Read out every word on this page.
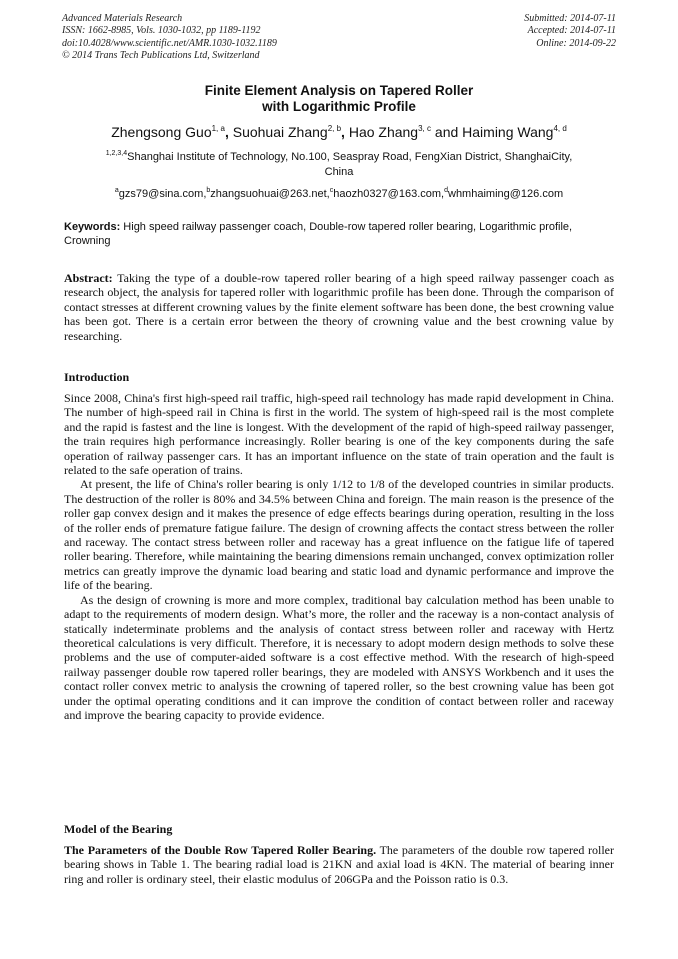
Advanced Materials Research
ISSN: 1662-8985, Vols. 1030-1032, pp 1189-1192
doi:10.4028/www.scientific.net/AMR.1030-1032.1189
© 2014 Trans Tech Publications Ltd, Switzerland
Submitted: 2014-07-11
Accepted: 2014-07-11
Online: 2014-09-22
Finite Element Analysis on Tapered Roller
with Logarithmic Profile
Zhengsong Guo$^{1, a}$, Suohuai Zhang$^{2, b}$, Hao Zhang$^{3, c}$ and Haiming Wang$^{4, d}$
$^{1,2,3,4}$Shanghai Institute of Technology, No.100, Seaspray Road, FengXian District, ShanghaiCity, China
$^a$gzs79@sina.com,$^b$zhangsuohuai@263.net,$^c$haozh0327@163.com,$^d$whmhaiming@126.com
Keywords: High speed railway passenger coach, Double-row tapered roller bearing, Logarithmic profile, Crowning
Abstract: Taking the type of a double-row tapered roller bearing of a high speed railway passenger coach as research object, the analysis for tapered roller with logarithmic profile has been done. Through the comparison of contact stresses at different crowning values by the finite element software has been done, the best crowning value has been got. There is a certain error between the theory of crowning value and the best crowning value by researching.
Introduction

Since 2008, China's first high-speed rail traffic, high-speed rail technology has made rapid development in China. The number of high-speed rail in China is first in the world. The system of high-speed rail is the most complete and the rapid is fastest and the line is longest. With the development of the rapid of high-speed railway passenger, the train requires high performance increasingly. Roller bearing is one of the key components during the safe operation of railway passenger cars. It has an important influence on the state of train operation and the fault is related to the safe operation of trains.

At present, the life of China's roller bearing is only 1/12 to 1/8 of the developed countries in similar products. The destruction of the roller is 80% and 34.5% between China and foreign. The main reason is the presence of the roller gap convex design and it makes the presence of edge effects bearings during operation, resulting in the loss of the roller ends of premature fatigue failure. The design of crowning affects the contact stress between the roller and raceway. The contact stress between roller and raceway has a great influence on the fatigue life of tapered roller bearing. Therefore, while maintaining the bearing dimensions remain unchanged, convex optimization roller metrics can greatly improve the dynamic load bearing and static load and dynamic performance and improve the life of the bearing.

As the design of crowning is more and more complex, traditional bay calculation method has been unable to adapt to the requirements of modern design. What’s more, the roller and the raceway is a non-contact analysis of statically indeterminate problems and the analysis of contact stress between roller and raceway with Hertz theoretical calculations is very difficult. Therefore, it is necessary to adopt modern design methods to solve these problems and the use of computer-aided software is a cost effective method. With the research of high-speed railway passenger double row tapered roller bearings, they are modeled with ANSYS Workbench and it uses the contact roller convex metric to analysis the crowning of tapered roller, so the best crowning value has been got under the optimal operating conditions and it can improve the condition of contact between roller and raceway and improve the bearing capacity to provide evidence.

Model of the Bearing
The Parameters of the Double Row Tapered Roller Bearing. The parameters of the double row tapered roller bearing shows in Table 1. The bearing radial load is 21KN and axial load is 4KN. The material of bearing inner ring and roller is ordinary steel, their elastic modulus of 206GPa and the Poisson ratio is 0.3.
